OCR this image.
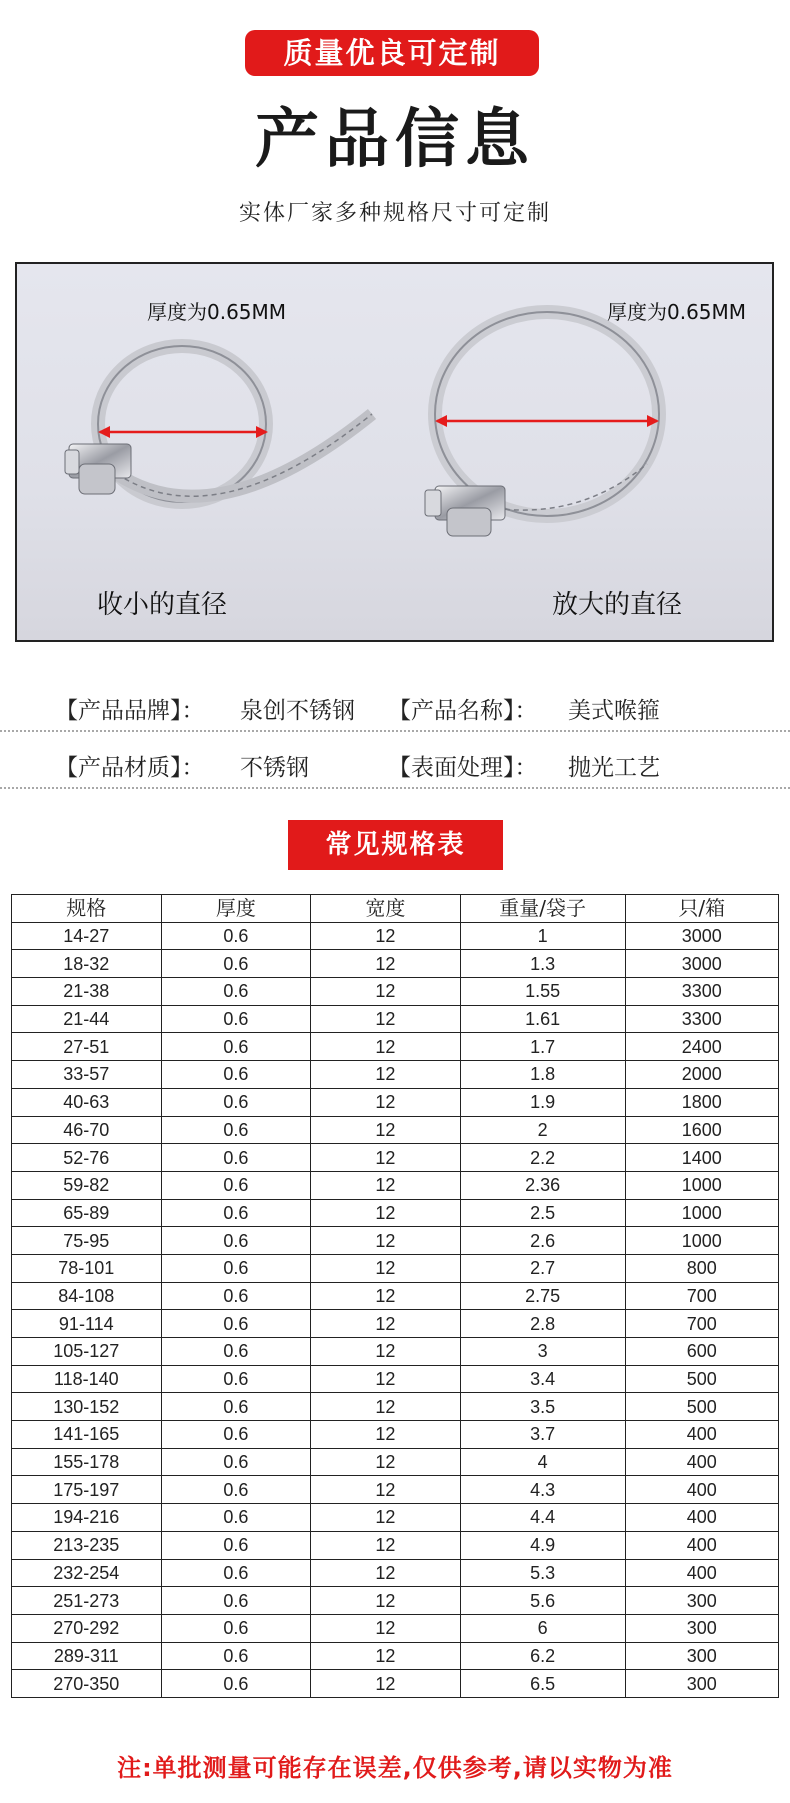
质量优良可定制
产品信息
实体厂家多种规格尺寸可定制
厚度为0.65MM	厚度为0.65MM
收小的直径	放大的直径
【产品品牌】： 泉创不锈钢 【产品名称】： 美式喉箍
【产品材质】： 不锈钢	【表面处理】： 抛光工艺
常见规格表
规格	厚度	宽度	重量/袋子	只/箱
14-27	0.6	12	1	3000
18-32	0.6	12	1.3	3000
21-38	0.6	12	1.55	3300
21-44	0.6	12	1.61	3300
27-51	0.6	12	1.7	2400
33-57	0.6	12	1.8	2000
40-63	0.6	12	1.9	1800
46-70	0.6	12	2	1600
52-76	0.6	12	2.2	1400
59-82	0.6	12	2.36	1000
65-89	0.6	12	2.5	1000
75-95	0.6	12	2.6	1000
78-101	0.6	12	2.7	800
84-108	0.6	12	2.75	700
91-114	0.6	12	2.8	700
105-127	0.6	12	3	600
118-140	0.6	12	3.4	500
130-152	0.6	12	3.5	500
141-165	0.6	12	3.7	400
155-178	0.6	12	4	400
175-197	0.6	12	4.3	400
194-216	0.6	12	4.4	400
213-235	0.6	12	4.9	400
232-254	0.6	12	5.3	400
251-273	0.6	12	5.6	300
270-292	0.6	12	6	300
289-311	0.6	12	6.2	300
270-350	0.6	12	6.5	300
注:单批测量可能存在误差,仅供参考,请以实物为准
